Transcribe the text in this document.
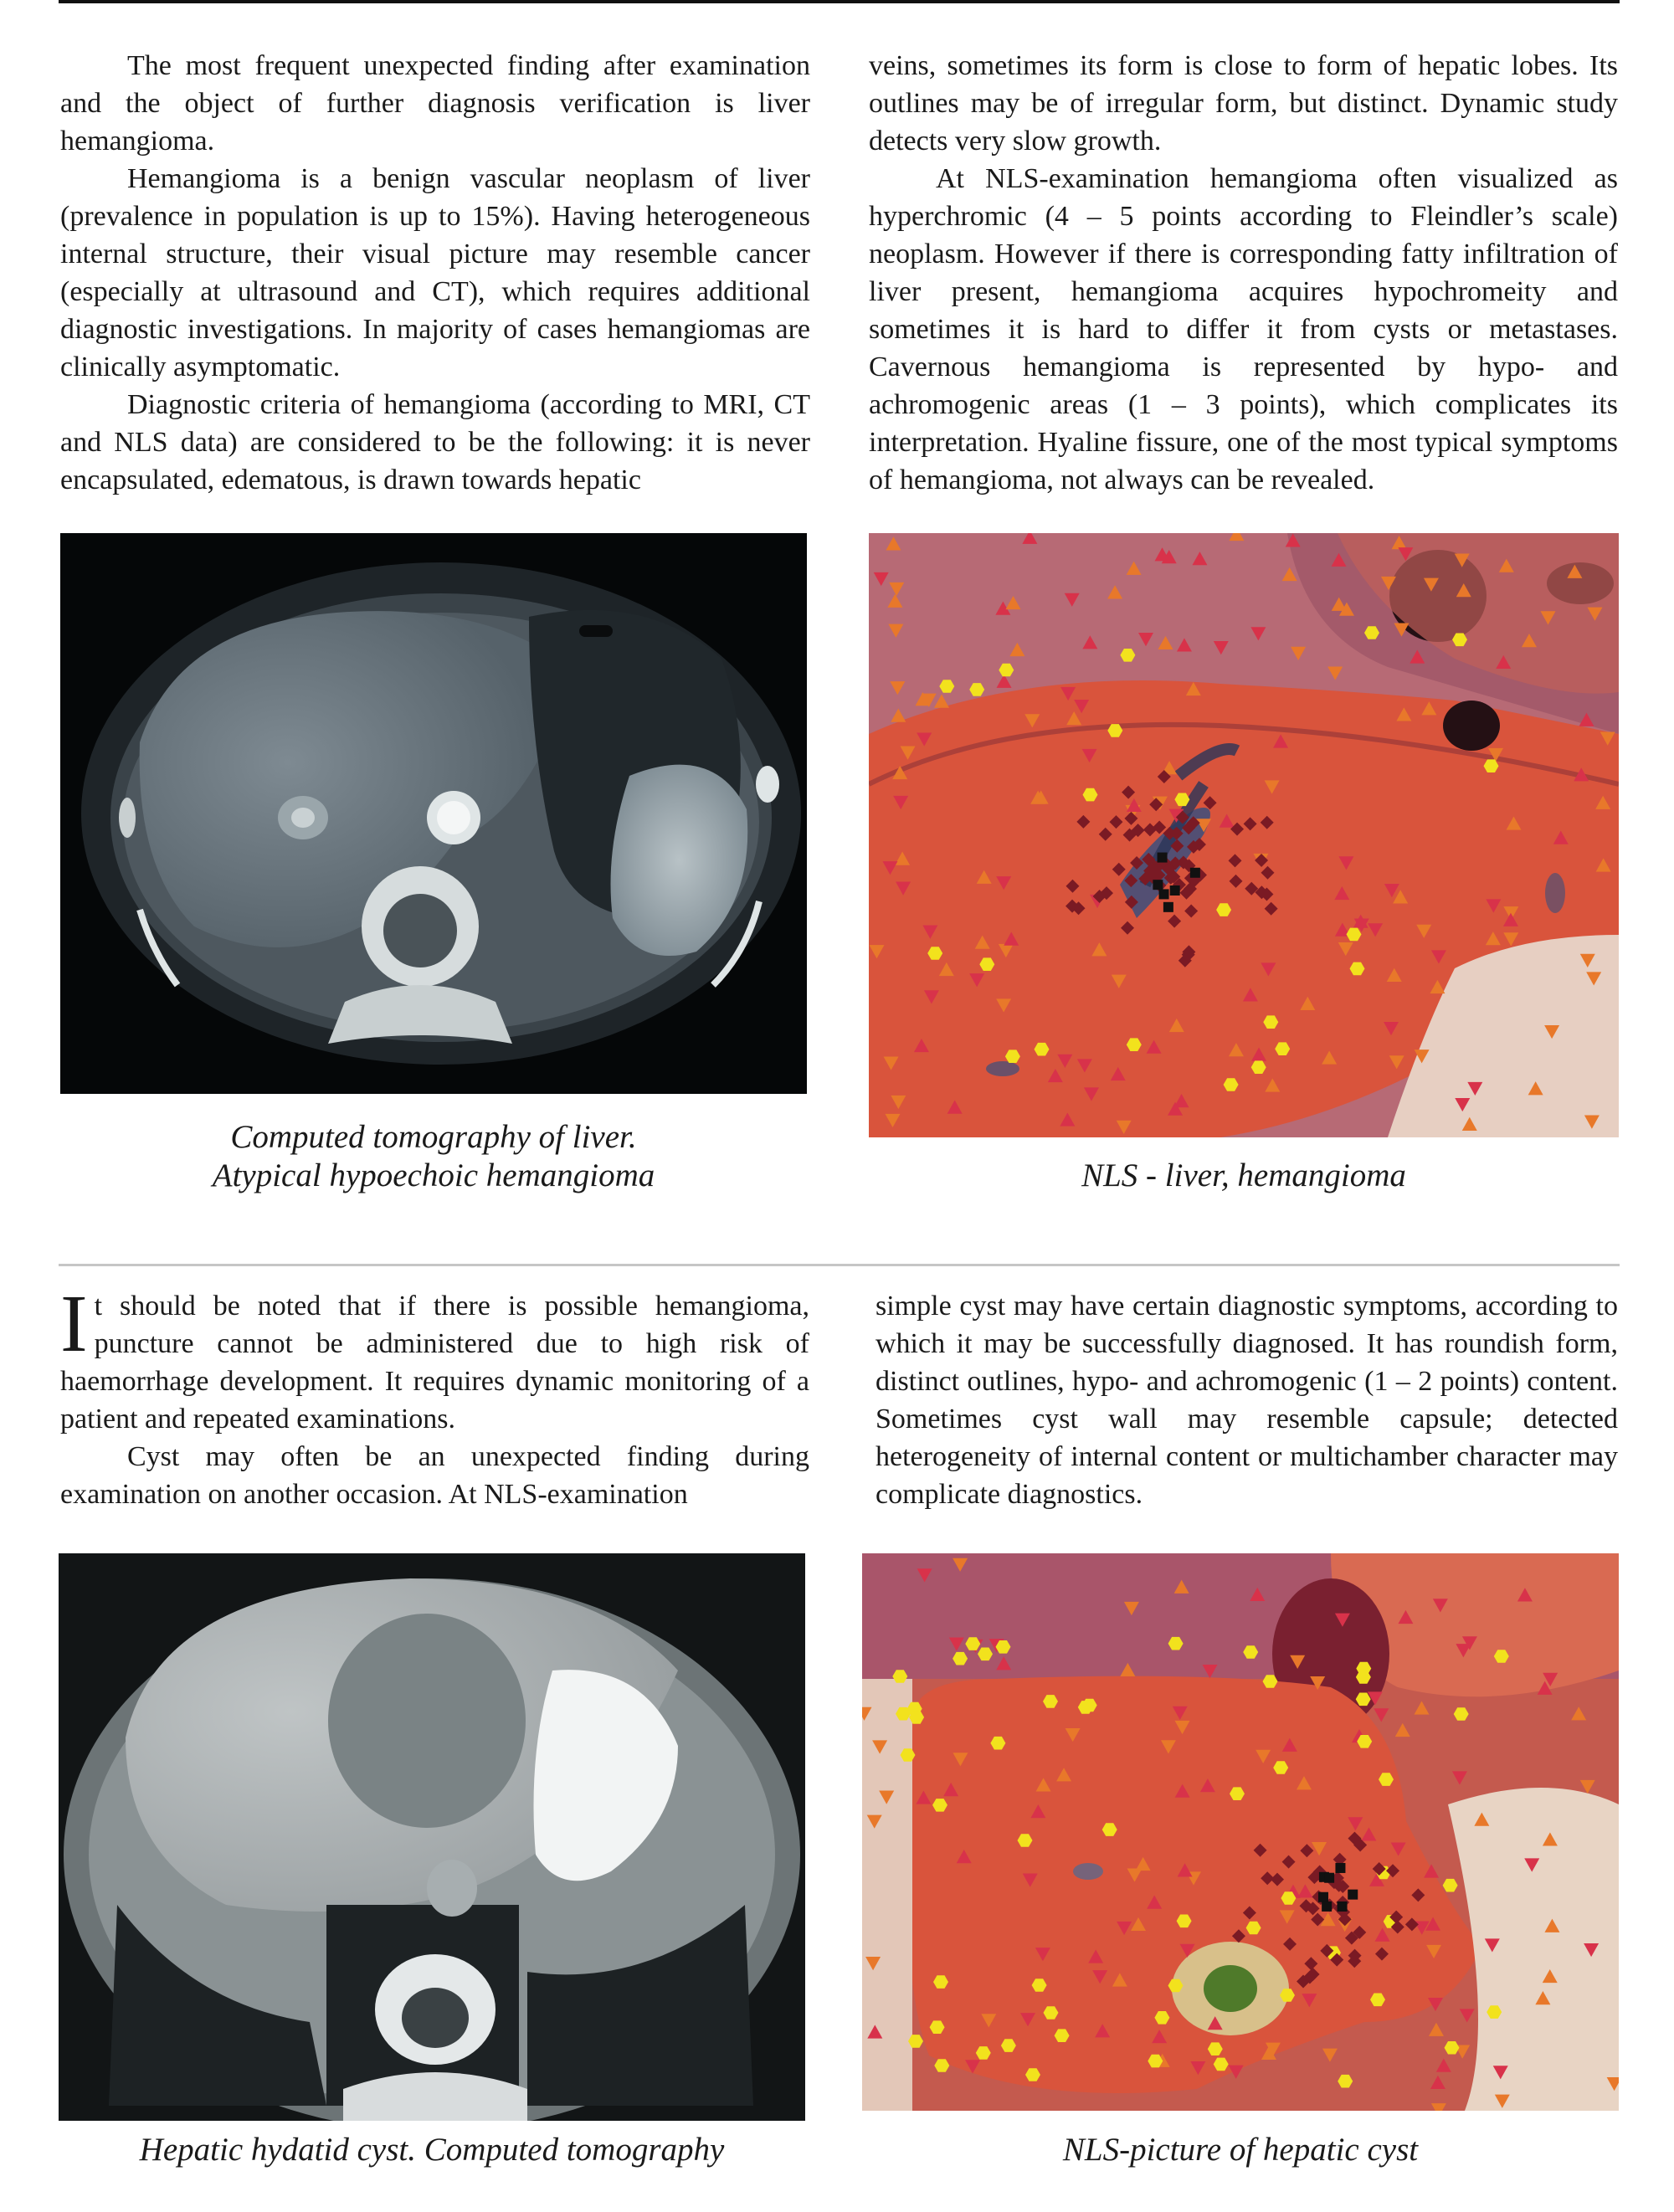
The most frequent unexpected finding after examination and the object of further diagnosis verification is liver hemangioma.

Hemangioma is a benign vascular neoplasm of liver (prevalence in population is up to 15%). Having heterogeneous internal structure, their visual picture may resemble cancer (especially at ultrasound and CT), which requires additional diagnostic investigations. In majority of cases hemangiomas are clinically asymptomatic.

Diagnostic criteria of hemangioma (according to MRI, CT and NLS data) are considered to be the following: it is never encapsulated, edematous, is drawn towards hepatic

veins, sometimes its form is close to form of hepatic lobes. Its outlines may be of irregular form, but distinct. Dynamic study detects very slow growth.

At NLS-examination hemangioma often visualized as hyperchromic (4 – 5 points according to Fleindler’s scale) neoplasm. However if there is corresponding fatty infiltration of liver present, hemangioma acquires hypochromeity and sometimes it is hard to differ it from cysts or metastases. Cavernous hemangioma is represented by hypo- and achromogenic areas (1 – 3 points), which complicates its interpretation. Hyaline fissure, one of the most typical symptoms of hemangioma, not always can be revealed.

Computed tomography of liver.
Atypical hypoechoic hemangioma	NLS - liver, hemangioma

It should be noted that if there is possible hemangioma, puncture cannot be administered due to high risk of haemorrhage development. It requires dynamic monitoring of a patient and repeated examinations.

Cyst may often be an unexpected finding during examination on another occasion. At NLS-examination

simple cyst may have certain diagnostic symptoms, according to which it may be successfully diagnosed. It has roundish form, distinct outlines, hypo- and achromogenic (1 – 2 points) content. Sometimes cyst wall may resemble capsule; detected heterogeneity of internal content or multichamber character may complicate diagnostics.

Hepatic hydatid cyst. Computed tomography	NLS-picture of hepatic cyst
